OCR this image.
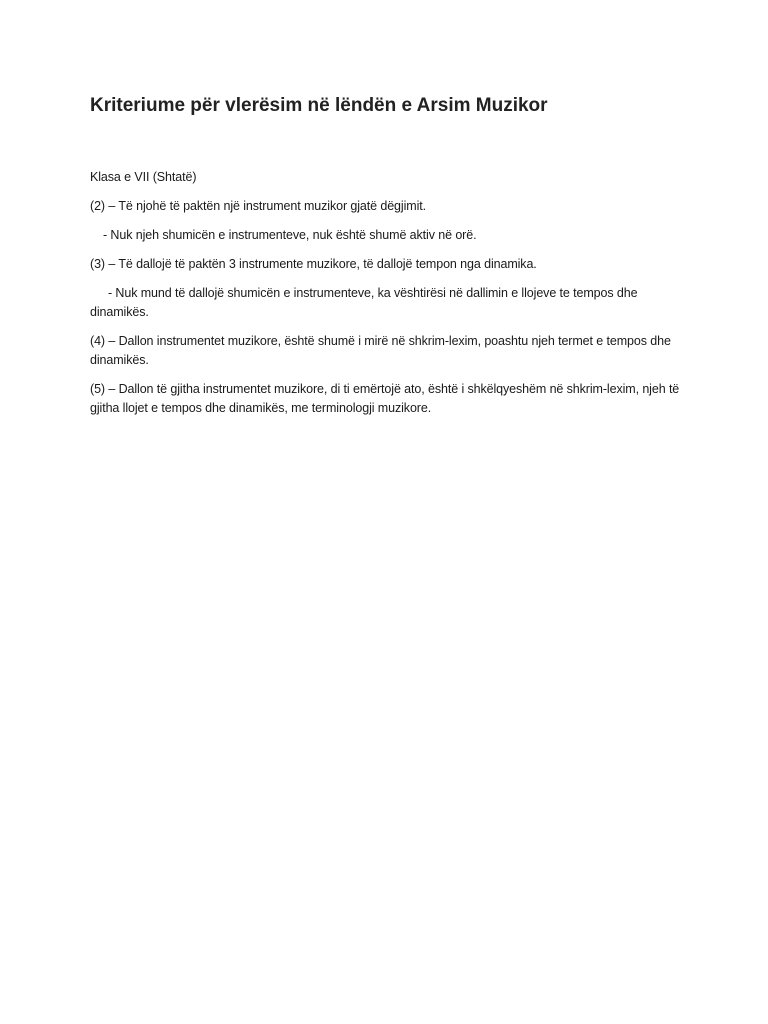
Kriteriume për vlerësim në lëndën e Arsim Muzikor

Klasa e VII (Shtatë)

(2) – Të njohë të paktën një instrument muzikor gjatë dëgjimit.

- Nuk njeh shumicën e instrumenteve, nuk është shumë aktiv në orë.

(3) – Të dallojë të paktën 3 instrumente muzikore, të dallojë tempon nga dinamika.

- Nuk mund të dallojë shumicën e instrumenteve, ka vështirësi në dallimin e llojeve te tempos dhe dinamikës.

(4) – Dallon instrumentet muzikore, është shumë i mirë në shkrim-lexim, poashtu njeh termet e tempos dhe dinamikës.

(5) – Dallon të gjitha instrumentet muzikore, di ti emërtojë ato, është i shkëlqyeshëm në shkrim-lexim, njeh të gjitha llojet e tempos dhe dinamikës, me terminologji muzikore.
